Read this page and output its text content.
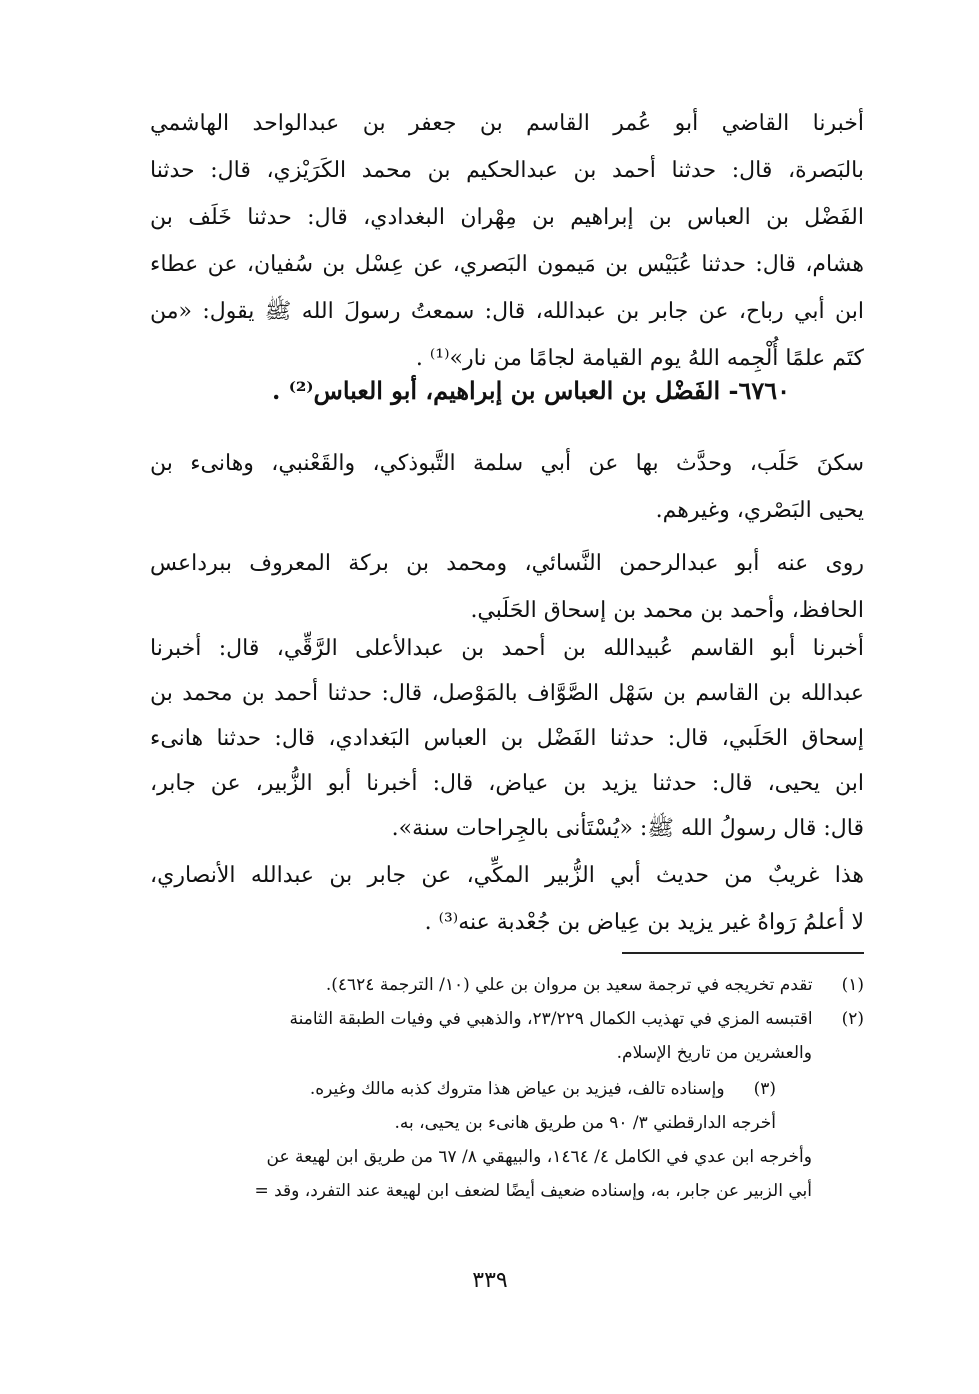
أخبرنا القاضي أبو عُمر القاسم بن جعفر بن عبدالواحد الهاشمي
بالبَصرة، قال: حدثنا أحمد بن عبدالحكيم بن محمد الكَرَيْزي، قال: حدثنا
الفَضْل بن العباس بن إبراهيم بن مِهْران البغدادي، قال: حدثنا خَلَف بن
هشام، قال: حدثنا عُبَيْس بن مَيمون البَصري، عن عِسْل بن سُفيان، عن عطاء
ابن أبي رباح، عن جابر بن عبدالله، قال: سمعتُ رسولَ الله ﷺ يقول: «من
كتَم علمًا أُلْجِمه اللهُ يوم القيامة لجامًا من نار»⁽¹⁾ .
٦٧٦٠- الفَضْل بن العباس بن إبراهيم، أبو العباس⁽²⁾ .
سكنَ حَلَب، وحدَّث بها عن أبي سلمة التَّبوذكي، والقَعْنبي، وهانىء بن
يحيى البَصْري، وغيرهم.
روى عنه أبو عبدالرحمن النَّسائي، ومحمد بن بركة المعروف ببرداعس
الحافظ، وأحمد بن محمد بن إسحاق الحَلَبي.
أخبرنا أبو القاسم عُبيدالله بن أحمد بن عبدالأعلى الرَّقِّي، قال: أخبرنا
عبدالله بن القاسم بن سَهْل الصَّوَّاف بالمَوْصل، قال: حدثنا أحمد بن محمد بن
إسحاق الحَلَبي، قال: حدثنا الفَضْل بن العباس البَغدادي، قال: حدثنا هانىء
ابن يحيى، قال: حدثنا يزيد بن عياض، قال: أخبرنا أبو الزُّبير، عن جابر،
قال: قال رسولُ الله ﷺ: «يُسْتَأنى بالجِراحات سنة».
هذا غريبٌ من حديث أبي الزُّبير المكِّي، عن جابر بن عبدالله الأنصاري،
لا أعلمُ رَواهُ غير يزيد بن عِياض بن جُعْدبة عنه⁽³⁾ .
(١) تقدم تخريجه في ترجمة سعيد بن مروان بن علي (١٠/ الترجمة ٤٦٢٤).
(٢) اقتبسه المزي في تهذيب الكمال ٢٣/٢٢٩، والذهبي في وفيات الطبقة الثامنة
والعشرين من تاريخ الإسلام.
(٣) وإسناده تالف، فيزيد بن عياض هذا متروك كذبه مالك وغيره.
أخرجه الدارقطني ٣/ ٩٠ من طريق هانىء بن يحيى، به.
وأخرجه ابن عدي في الكامل ٤/ ١٤٦٤، والبيهقي ٨/ ٦٧ من طريق ابن لهيعة عن
أبي الزبير عن جابر، به، وإسناده ضعيف أيضًا لضعف ابن لهيعة عند التفرد، وقد =
٣٣٩
